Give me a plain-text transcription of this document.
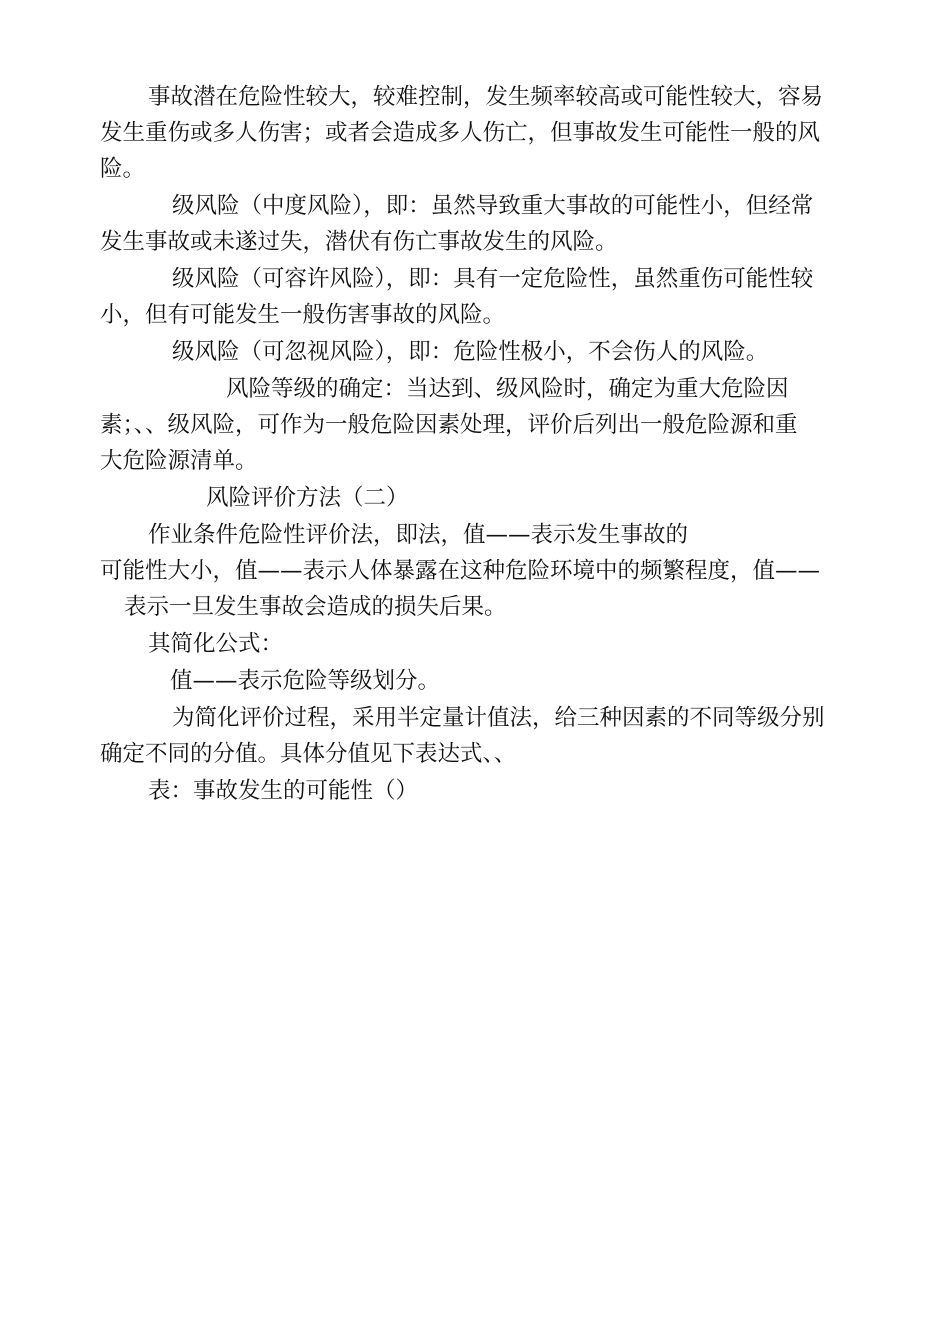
事故潜在危险性较大，较难控制，发生频率较高或可能性较大，容易
发生重伤或多人伤害；或者会造成多人伤亡，但事故发生可能性一般的风
险。
级风险（中度风险），即：虽然导致重大事故的可能性小，但经常
发生事故或未遂过失，潜伏有伤亡事故发生的风险。
级风险（可容许风险），即：具有一定危险性，虽然重伤可能性较
小，但有可能发生一般伤害事故的风险。
级风险（可忽视风险），即：危险性极小，不会伤人的风险。
风险等级的确定：当达到、级风险时，确定为重大危险因
素；、、级风险，可作为一般危险因素处理，评价后列出一般危险源和重
大危险源清单。
风险评价方法（二）
作业条件危险性评价法，即法，值——表示发生事故的
可能性大小，值——表示人体暴露在这种危险环境中的频繁程度，值——
表示一旦发生事故会造成的损失后果。
其简化公式：
值——表示危险等级划分。
为简化评价过程，采用半定量计值法，给三种因素的不同等级分别
确定不同的分值。具体分值见下表达式、、
表：事故发生的可能性（）
